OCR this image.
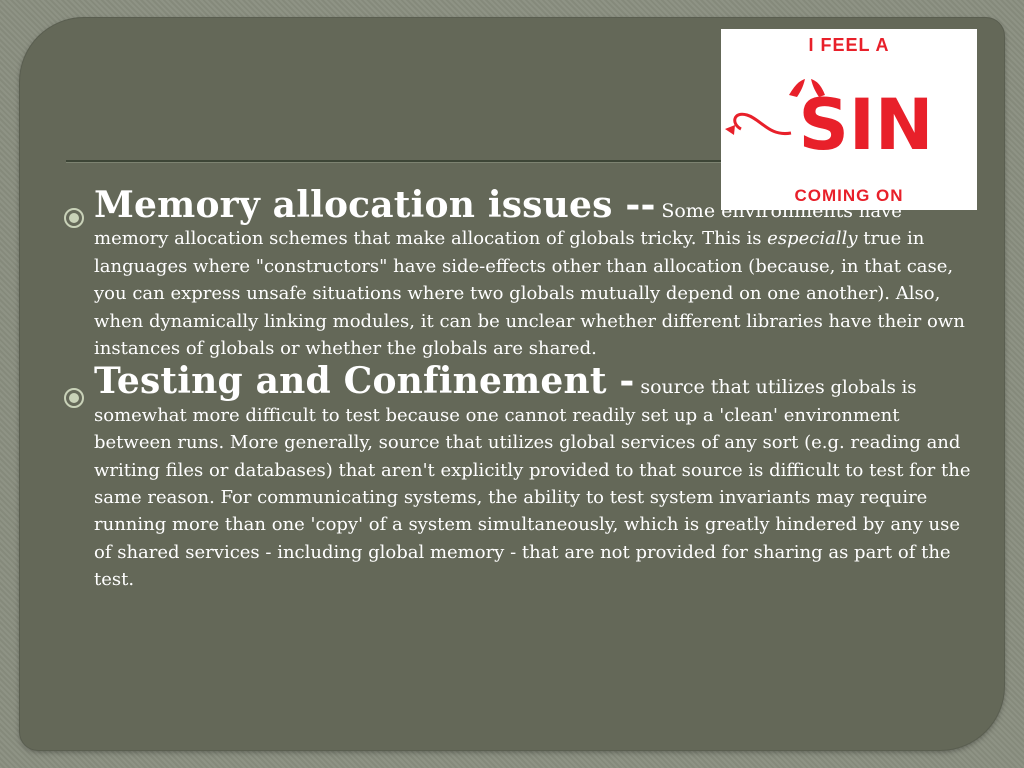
I FEEL A
SIN
COMING ON
Memory allocation issues -- Some environments have memory allocation schemes that make allocation of globals tricky. This is especially true in languages where "constructors" have side-effects other than allocation (because, in that case, you can express unsafe situations where two globals mutually depend on one another). Also, when dynamically linking modules, it can be unclear whether different libraries have their own instances of globals or whether the globals are shared.
Testing and Confinement - source that utilizes globals is somewhat more difficult to test because one cannot readily set up a 'clean' environment between runs. More generally, source that utilizes global services of any sort (e.g. reading and writing files or databases) that aren't explicitly provided to that source is difficult to test for the same reason. For communicating systems, the ability to test system invariants may require running more than one 'copy' of a system simultaneously, which is greatly hindered by any use of shared services - including global memory - that are not provided for sharing as part of the test.
